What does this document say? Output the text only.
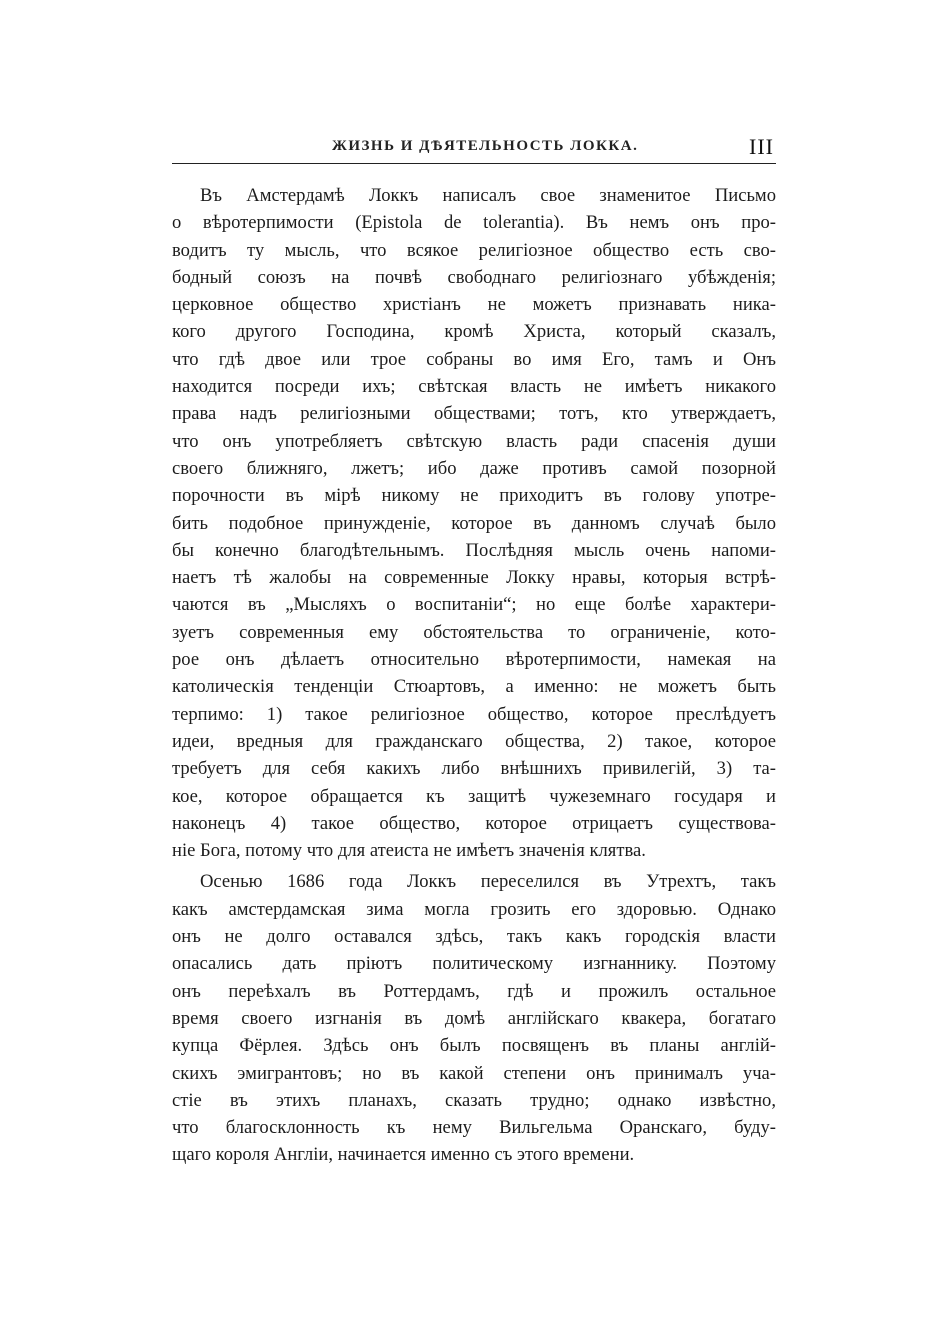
ЖИЗНЬ И ДѢЯТЕЛЬНОСТЬ ЛОККА.	III
Въ Амстердамѣ Локкъ написалъ свое знаменитое Письмо
о вѣротерпимости (Epistola de tolerantia). Въ немъ онъ про-
водитъ ту мысль, что всякое религіозное общество есть сво-
бодный союзъ на почвѣ свободнаго религіознаго убѣжденія;
церковное общество христіанъ не можетъ признавать ника-
кого другого Господина, кромѣ Христа, который сказалъ,
что гдѣ двое или трое собраны во имя Его, тамъ и Онъ
находится посреди ихъ; свѣтская власть не имѣетъ никакого
права надъ религіозными обществами; тотъ, кто утверждаетъ,
что онъ употребляетъ свѣтскую власть ради спасенія души
своего ближняго, лжетъ; ибо даже противъ самой позорной
порочности въ мірѣ никому не приходитъ въ голову употре-
бить подобное принужденіе, которое въ данномъ случаѣ было
бы конечно благодѣтельнымъ. Послѣдняя мысль очень напоми-
наетъ тѣ жалобы на современные Локку нравы, которыя встрѣ-
чаются въ „Мысляхъ о воспитаніи“; но еще болѣе характери-
зуетъ современныя ему обстоятельства то ограниченіе, кото-
рое онъ дѣлаетъ относительно вѣротерпимости, намекая на
католическія тенденціи Стюартовъ, а именно: не можетъ быть
терпимо: 1) такое религіозное общество, которое преслѣдуетъ
идеи, вредныя для гражданскаго общества, 2) такое, которое
требуетъ для себя какихъ либо внѣшнихъ привилегій, 3) та-
кое, которое обращается къ защитѣ чужеземнаго государя и
наконецъ 4) такое общество, которое отрицаетъ существова-
ніе Бога, потому что для атеиста не имѣетъ значенія клятва.
Осенью 1686 года Локкъ переселился въ Утрехтъ, такъ
какъ амстердамская зима могла грозить его здоровью. Однако
онъ не долго оставался здѣсь, такъ какъ городскія власти
опасались дать пріютъ политическому изгнаннику. Поэтому
онъ переѣхалъ въ Роттердамъ, гдѣ и прожилъ остальное
время своего изгнанія въ домѣ англійскаго квакера, богатаго
купца Фёрлея. Здѣсь онъ былъ посвященъ въ планы англій-
скихъ эмигрантовъ; но въ какой степени онъ принималъ уча-
стіе въ этихъ планахъ, сказать трудно; однако извѣстно,
что благосклонность къ нему Вильгельма Оранскаго, буду-
щаго короля Англіи, начинается именно съ этого времени.
